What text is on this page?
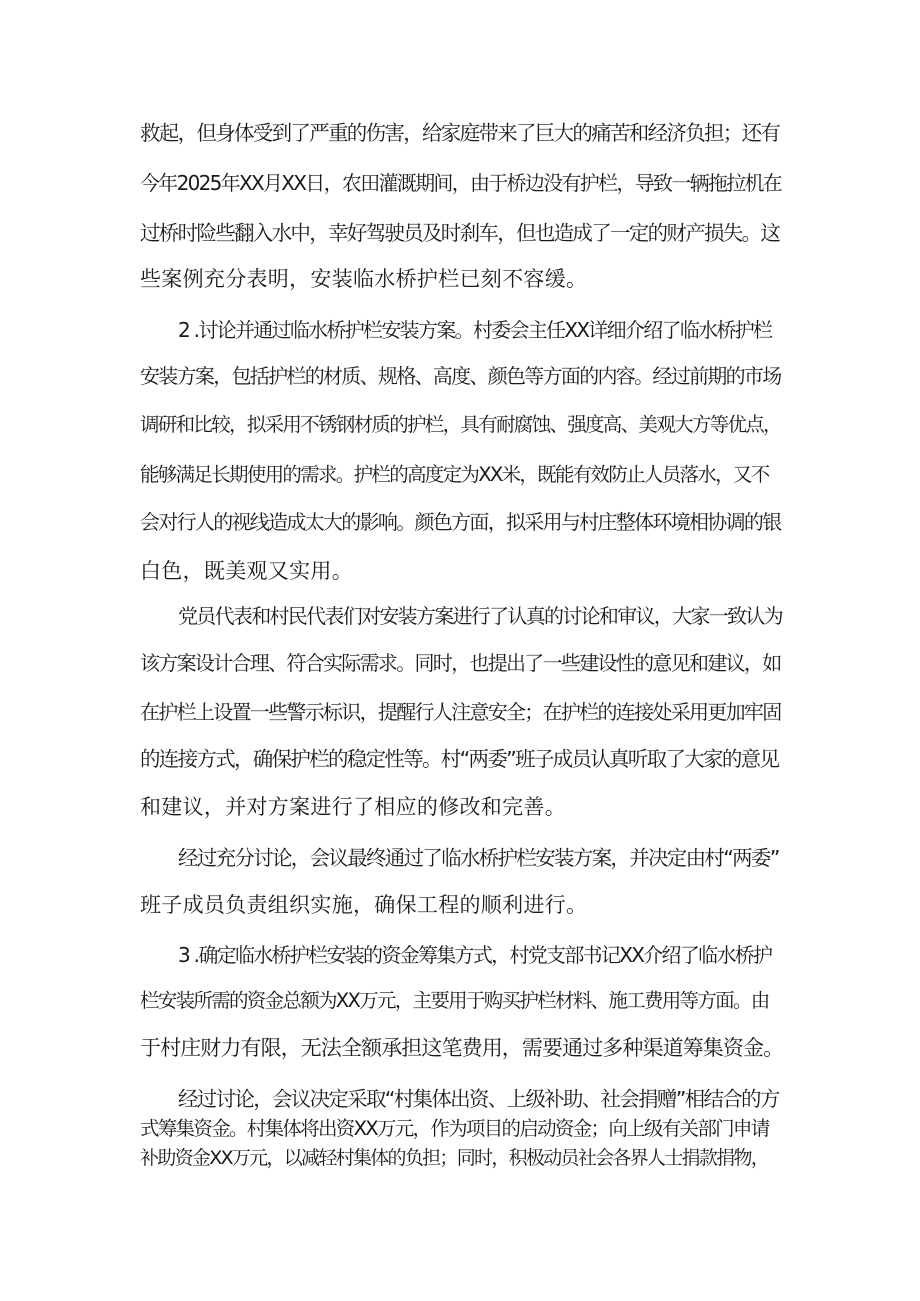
救起，但身体受到了严重的伤害，给家庭带来了巨大的痛苦和经济负担；还有
今年2025年XX月XX日，农田灌溉期间，由于桥边没有护栏，导致一辆拖拉机在
过桥时险些翻入水中，幸好驾驶员及时刹车，但也造成了一定的财产损失。这
些案例充分表明，安装临水桥护栏已刻不容缓。
2 .讨论并通过临水桥护栏安装方案。村委会主任XX详细介绍了临水桥护栏
安装方案，包括护栏的材质、规格、高度、颜色等方面的内容。经过前期的市场
调研和比较，拟采用不锈钢材质的护栏，具有耐腐蚀、强度高、美观大方等优点，
能够满足长期使用的需求。护栏的高度定为XX米，既能有效防止人员落水，又不
会对行人的视线造成太大的影响。颜色方面，拟采用与村庄整体环境相协调的银
白色，既美观又实用。
党员代表和村民代表们对安装方案进行了认真的讨论和审议，大家一致认为
该方案设计合理、符合实际需求。同时，也提出了一些建设性的意见和建议，如
在护栏上设置一些警示标识，提醒行人注意安全；在护栏的连接处采用更加牢固
的连接方式，确保护栏的稳定性等。村“两委”班子成员认真听取了大家的意见
和建议，并对方案进行了相应的修改和完善。
经过充分讨论，会议最终通过了临水桥护栏安装方案，并决定由村“两委”
班子成员负责组织实施，确保工程的顺利进行。
3 .确定临水桥护栏安装的资金筹集方式，村党支部书记XX介绍了临水桥护
栏安装所需的资金总额为XX万元，主要用于购买护栏材料、施工费用等方面。由
于村庄财力有限，无法全额承担这笔费用，需要通过多种渠道筹集资金。
经过讨论，会议决定采取“村集体出资、上级补助、社会捐赠”相结合的方
式筹集资金。村集体将出资XX万元，作为项目的启动资金；向上级有关部门申请
补助资金XX万元，以减轻村集体的负担；同时，积极动员社会各界人士捐款捐物，
